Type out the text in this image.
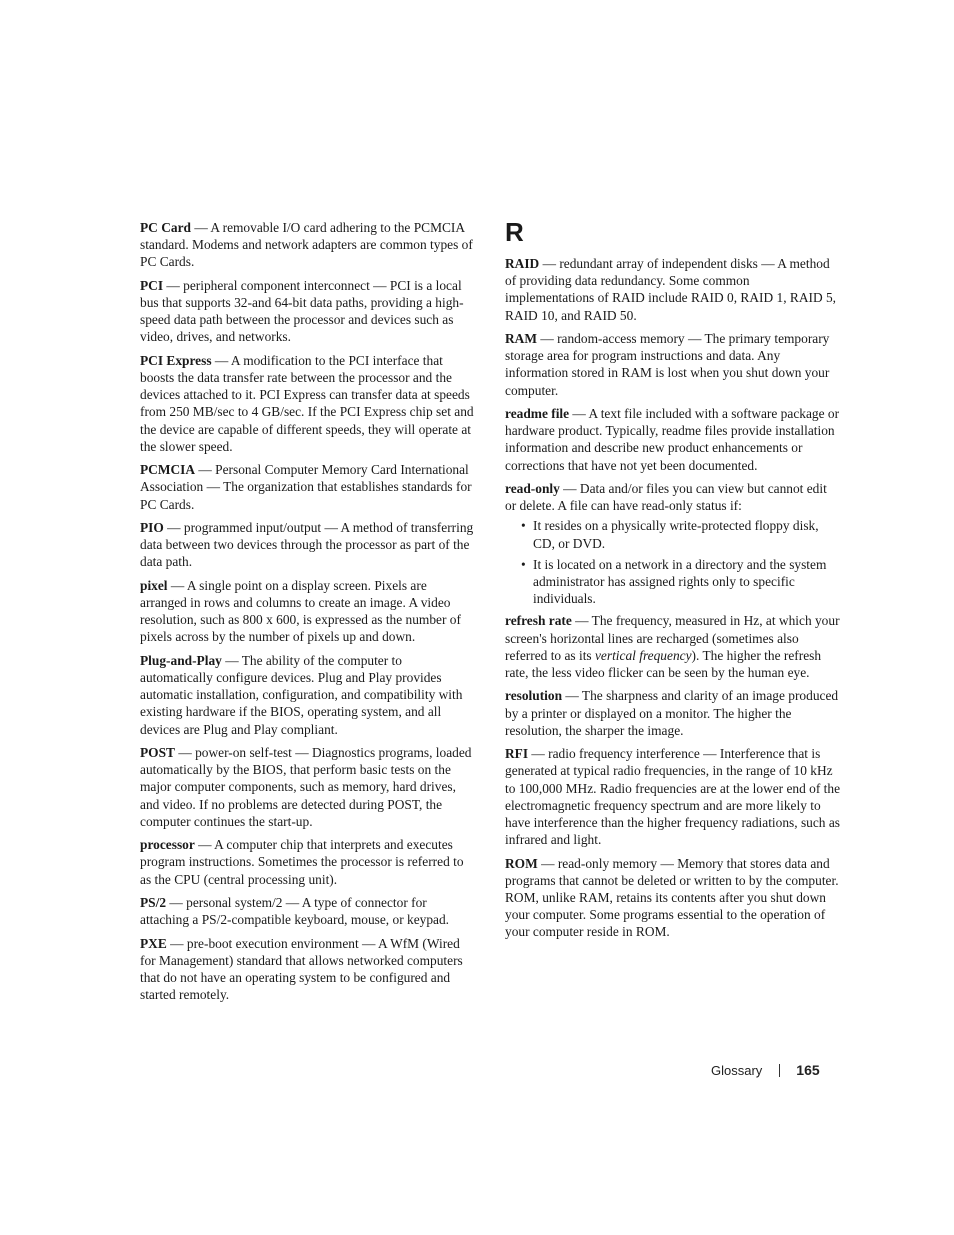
PC Card — A removable I/O card adhering to the PCMCIA standard. Modems and network adapters are common types of PC Cards.

PCI — peripheral component interconnect — PCI is a local bus that supports 32-and 64-bit data paths, providing a high-speed data path between the processor and devices such as video, drives, and networks.

PCI Express — A modification to the PCI interface that boosts the data transfer rate between the processor and the devices attached to it. PCI Express can transfer data at speeds from 250 MB/sec to 4 GB/sec. If the PCI Express chip set and the device are capable of different speeds, they will operate at the slower speed.

PCMCIA — Personal Computer Memory Card International Association — The organization that establishes standards for PC Cards.

PIO — programmed input/output — A method of transferring data between two devices through the processor as part of the data path.

pixel — A single point on a display screen. Pixels are arranged in rows and columns to create an image. A video resolution, such as 800 x 600, is expressed as the number of pixels across by the number of pixels up and down.

Plug-and-Play — The ability of the computer to automatically configure devices. Plug and Play provides automatic installation, configuration, and compatibility with existing hardware if the BIOS, operating system, and all devices are Plug and Play compliant.

POST — power-on self-test — Diagnostics programs, loaded automatically by the BIOS, that perform basic tests on the major computer components, such as memory, hard drives, and video. If no problems are detected during POST, the computer continues the start-up.

processor — A computer chip that interprets and executes program instructions. Sometimes the processor is referred to as the CPU (central processing unit).

PS/2 — personal system/2 — A type of connector for attaching a PS/2-compatible keyboard, mouse, or keypad.

PXE — pre-boot execution environment — A WfM (Wired for Management) standard that allows networked computers that do not have an operating system to be configured and started remotely.

R

RAID — redundant array of independent disks — A method of providing data redundancy. Some common implementations of RAID include RAID 0, RAID 1, RAID 5, RAID 10, and RAID 50.

RAM — random-access memory — The primary temporary storage area for program instructions and data. Any information stored in RAM is lost when you shut down your computer.

readme file — A text file included with a software package or hardware product. Typically, readme files provide installation information and describe new product enhancements or corrections that have not yet been documented.

read-only — Data and/or files you can view but cannot edit or delete. A file can have read-only status if:

• It resides on a physically write-protected floppy disk, CD, or DVD.
• It is located on a network in a directory and the system administrator has assigned rights only to specific individuals.

refresh rate — The frequency, measured in Hz, at which your screen's horizontal lines are recharged (sometimes also referred to as its vertical frequency). The higher the refresh rate, the less video flicker can be seen by the human eye.

resolution — The sharpness and clarity of an image produced by a printer or displayed on a monitor. The higher the resolution, the sharper the image.

RFI — radio frequency interference — Interference that is generated at typical radio frequencies, in the range of 10 kHz to 100,000 MHz. Radio frequencies are at the lower end of the electromagnetic frequency spectrum and are more likely to have interference than the higher frequency radiations, such as infrared and light.

ROM — read-only memory — Memory that stores data and programs that cannot be deleted or written to by the computer. ROM, unlike RAM, retains its contents after you shut down your computer. Some programs essential to the operation of your computer reside in ROM.

Glossary 165
